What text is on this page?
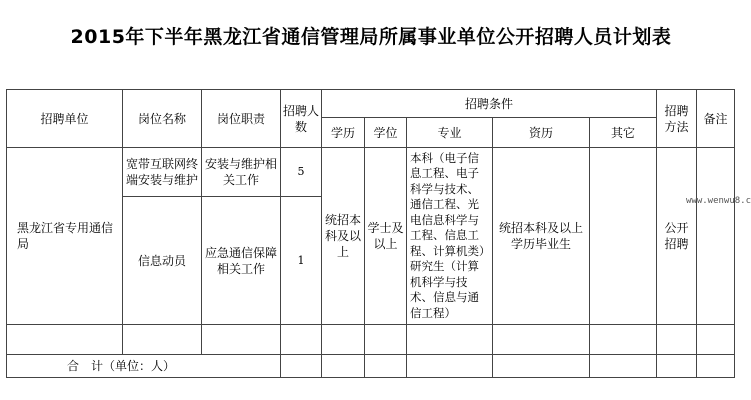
2015年下半年黑龙江省通信管理局所属事业单位公开招聘人员计划表
招聘单位	岗位名称	岗位职责	招聘人数	招聘条件					招聘方法	备注
				学历	学位	专业	资历	其它		
黑龙江省专用通信局	宽带互联网终端安装与维护	安装与维护相关工作	5	统招本科及以上	学士及以上	本科（电子信息工程、电子科学与技术、通信工程、光电信息科学与工程、信息工程、计算机类）研究生（计算机科学与技术、信息与通信工程）	统招本科及以上学历毕业生		公开招聘	
	信息动员	应急通信保障相关工作	1							

合　计（单位：人）										
www.wenwu8.c
